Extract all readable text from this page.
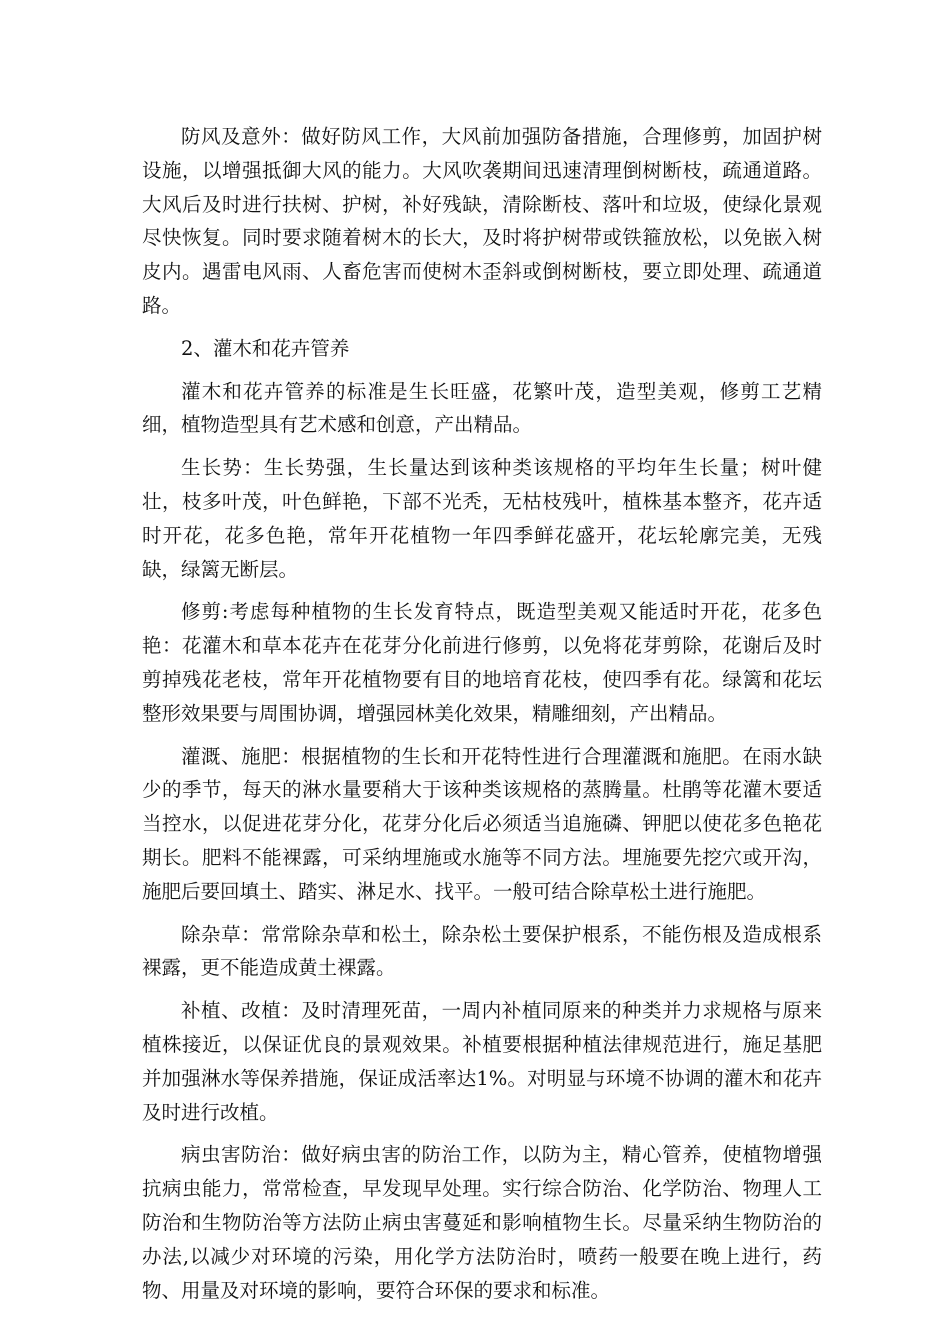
防风及意外：做好防风工作，大风前加强防备措施，合理修剪，加固护树设施，以增强抵御大风的能力。大风吹袭期间迅速清理倒树断枝，疏通道路。大风后及时进行扶树、护树，补好残缺，清除断枝、落叶和垃圾，使绿化景观尽快恢复。同时要求随着树木的长大，及时将护树带或铁箍放松，以免嵌入树皮内。遇雷电风雨、人畜危害而使树木歪斜或倒树断枝，要立即处理、疏通道路。

2、灌木和花卉管养

灌木和花卉管养的标准是生长旺盛，花繁叶茂，造型美观，修剪工艺精细，植物造型具有艺术感和创意，产出精品。

生长势：生长势强，生长量达到该种类该规格的平均年生长量；树叶健壮，枝多叶茂，叶色鲜艳，下部不光秃，无枯枝残叶，植株基本整齐，花卉适时开花，花多色艳，常年开花植物一年四季鲜花盛开，花坛轮廓完美，无残缺，绿篱无断层。

修剪:考虑每种植物的生长发育特点，既造型美观又能适时开花，花多色艳：花灌木和草本花卉在花芽分化前进行修剪，以免将花芽剪除，花谢后及时剪掉残花老枝，常年开花植物要有目的地培育花枝，使四季有花。绿篱和花坛整形效果要与周围协调，增强园林美化效果，精雕细刻，产出精品。

灌溉、施肥：根据植物的生长和开花特性进行合理灌溉和施肥。在雨水缺少的季节，每天的淋水量要稍大于该种类该规格的蒸腾量。杜鹃等花灌木要适当控水，以促进花芽分化，花芽分化后必须适当追施磷、钾肥以使花多色艳花期长。肥料不能裸露，可采纳埋施或水施等不同方法。埋施要先挖穴或开沟，施肥后要回填土、踏实、淋足水、找平。一般可结合除草松土进行施肥。

除杂草：常常除杂草和松土，除杂松土要保护根系，不能伤根及造成根系裸露，更不能造成黄土裸露。

补植、改植：及时清理死苗，一周内补植同原来的种类并力求规格与原来植株接近，以保证优良的景观效果。补植要根据种植法律规范进行，施足基肥并加强淋水等保养措施，保证成活率达1%。对明显与环境不协调的灌木和花卉及时进行改植。

病虫害防治：做好病虫害的防治工作，以防为主，精心管养，使植物增强抗病虫能力，常常检查，早发现早处理。实行综合防治、化学防治、物理人工防治和生物防治等方法防止病虫害蔓延和影响植物生长。尽量采纳生物防治的办法,以减少对环境的污染，用化学方法防治时，喷药一般要在晚上进行，药物、用量及对环境的影响，要符合环保的要求和标准。
